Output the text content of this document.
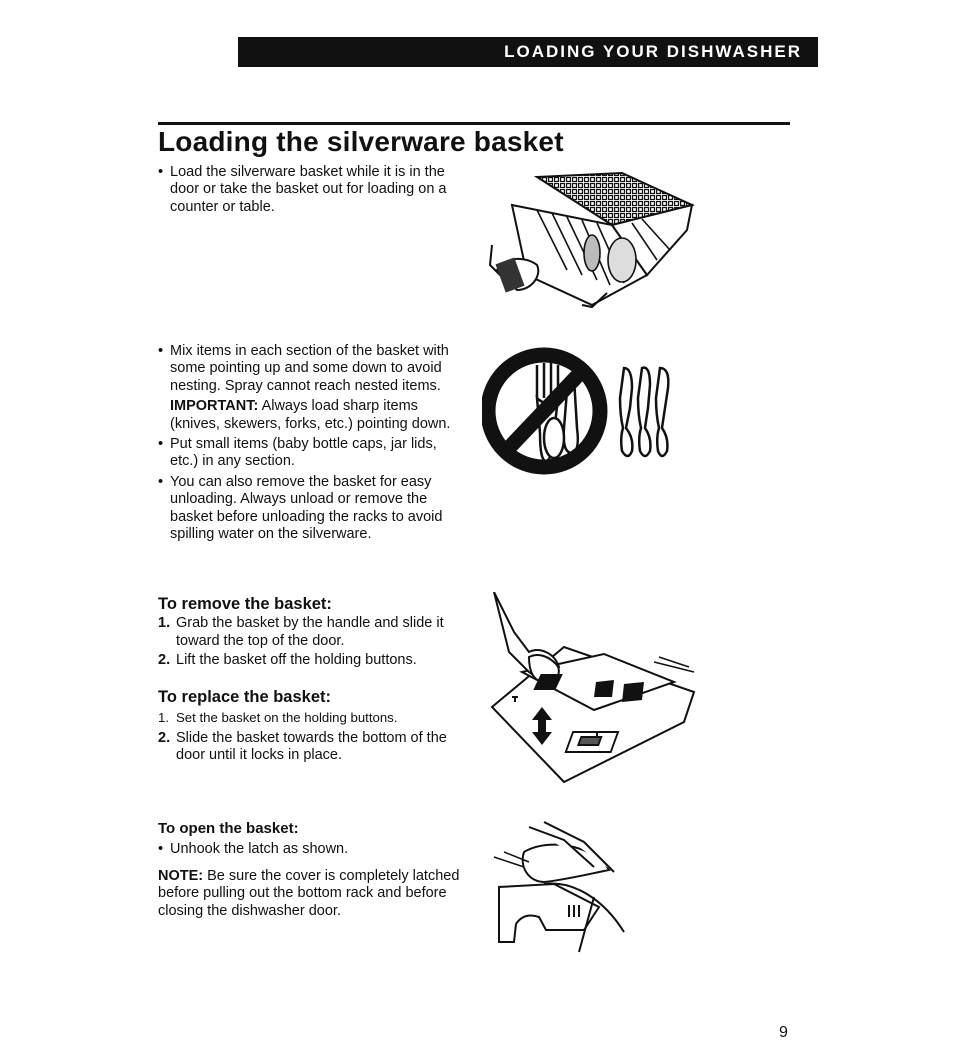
LOADING YOUR DISHWASHER
Loading the silverware basket

• Load the silverware basket while it is in the door or take the basket out for loading on a counter or table.

• Mix items in each section of the basket with some pointing up and some down to avoid nesting. Spray cannot reach nested items.

IMPORTANT: Always load sharp items (knives, skewers, forks, etc.) pointing down.

• Put small items (baby bottle caps, jar lids, etc.) in any section.

• You can also remove the basket for easy unloading. Always unload or remove the basket before unloading the racks to avoid spilling water on the silverware.

To remove the basket:

1. Grab the basket by the handle and slide it toward the top of the door.

2. Lift the basket off the holding buttons.

To replace the basket:

1. Set the basket on the holding buttons.

2. Slide the basket towards the bottom of the door until it locks in place.

To open the basket:

• Unhook the latch as shown.

NOTE: Be sure the cover is completely latched before pulling out the bottom rack and before closing the dishwasher door.

9
